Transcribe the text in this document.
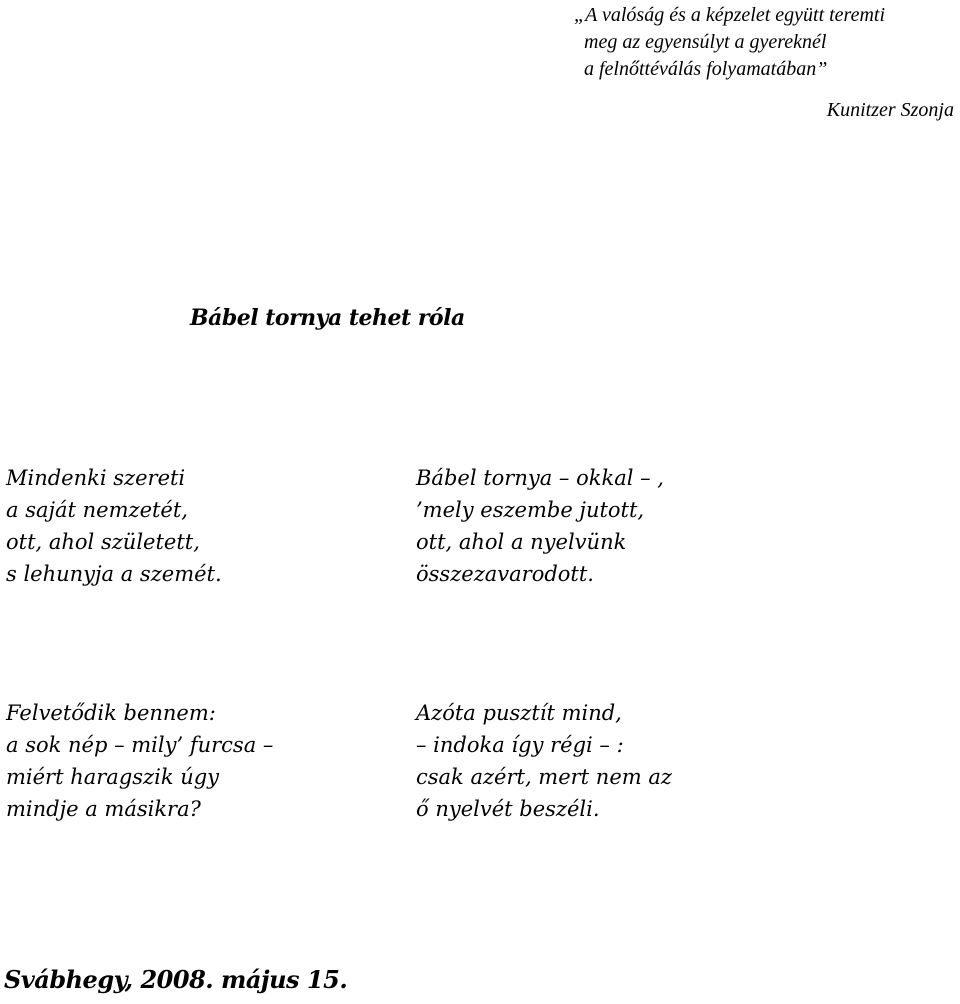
„A valóság és a képzelet együtt teremti
meg az egyensúlyt a gyereknél
a felnőttéválás folyamatában”
Kunitzer Szonja
Bábel tornya tehet róla
Mindenki szereti
a saját nemzetét,
ott, ahol született,
s lehunyja a szemét.
Bábel tornya – okkal – ,
’mely eszembe jutott,
ott, ahol a nyelvünk
összezavarodott.
Felvetődik bennem:
a sok nép – mily’ furcsa –
miért haragszik úgy
mindje a másikra?
Azóta pusztít mind,
– indoka így régi – :
csak azért, mert nem az
ő nyelvét beszéli.
Svábhegy, 2008. május 15.
